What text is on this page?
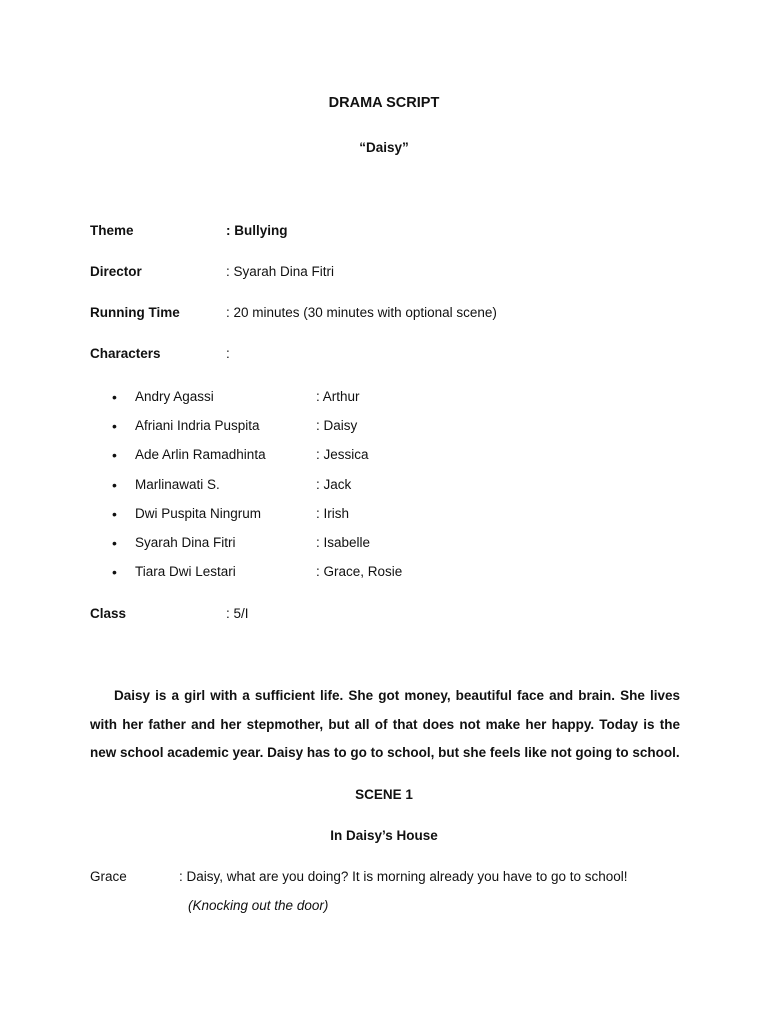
DRAMA SCRIPT
“Daisy”
Theme	: Bullying
Director	: Syarah Dina Fitri
Running Time	: 20 minutes (30 minutes with optional scene)
Characters	:
• Andry Agassi	: Arthur
• Afriani Indria Puspita	: Daisy
• Ade Arlin Ramadhinta	: Jessica
• Marlinawati S.	: Jack
• Dwi Puspita Ningrum	: Irish
• Syarah Dina Fitri	: Isabelle
• Tiara Dwi Lestari	: Grace, Rosie
Class	: 5/I
Daisy is a girl with a sufficient life. She got money, beautiful face and brain. She lives with her father and her stepmother, but all of that does not make her happy. Today is the new school academic year. Daisy has to go to school, but she feels like not going to school.
SCENE 1
In Daisy’s House
Grace	: Daisy, what are you doing? It is morning already you have to go to school!
(Knocking out the door)
